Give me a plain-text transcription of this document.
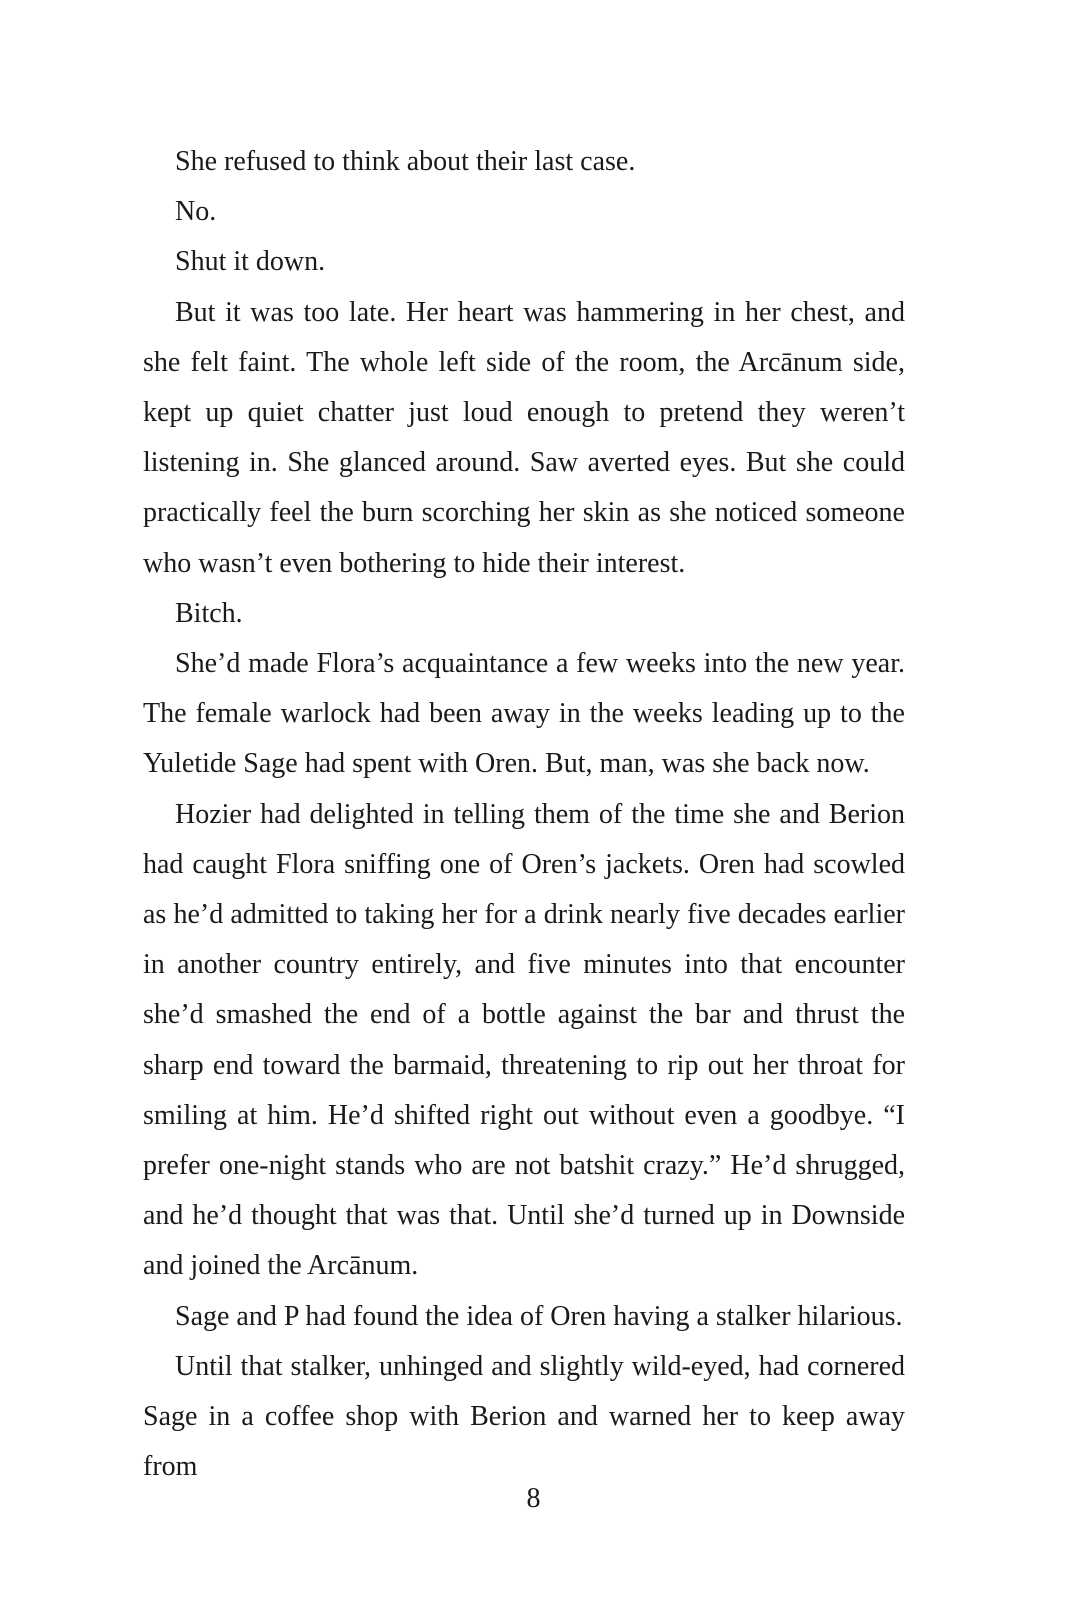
She refused to think about their last case.

No.

Shut it down.

But it was too late. Her heart was hammering in her chest, and she felt faint. The whole left side of the room, the Arcānum side, kept up quiet chatter just loud enough to pretend they weren’t listening in. She glanced around. Saw averted eyes. But she could practically feel the burn scorching her skin as she noticed someone who wasn’t even bothering to hide their interest.

Bitch.

She’d made Flora’s acquaintance a few weeks into the new year. The female warlock had been away in the weeks leading up to the Yuletide Sage had spent with Oren. But, man, was she back now.

Hozier had delighted in telling them of the time she and Berion had caught Flora sniffing one of Oren’s jackets. Oren had scowled as he’d admitted to taking her for a drink nearly five decades earlier in another country entirely, and five minutes into that encounter she’d smashed the end of a bottle against the bar and thrust the sharp end toward the barmaid, threatening to rip out her throat for smiling at him. He’d shifted right out without even a goodbye. “I prefer one-night stands who are not batshit crazy.” He’d shrugged, and he’d thought that was that. Until she’d turned up in Downside and joined the Arcānum.

Sage and P had found the idea of Oren having a stalker hilarious.

Until that stalker, unhinged and slightly wild-eyed, had cornered Sage in a coffee shop with Berion and warned her to keep away from

8
